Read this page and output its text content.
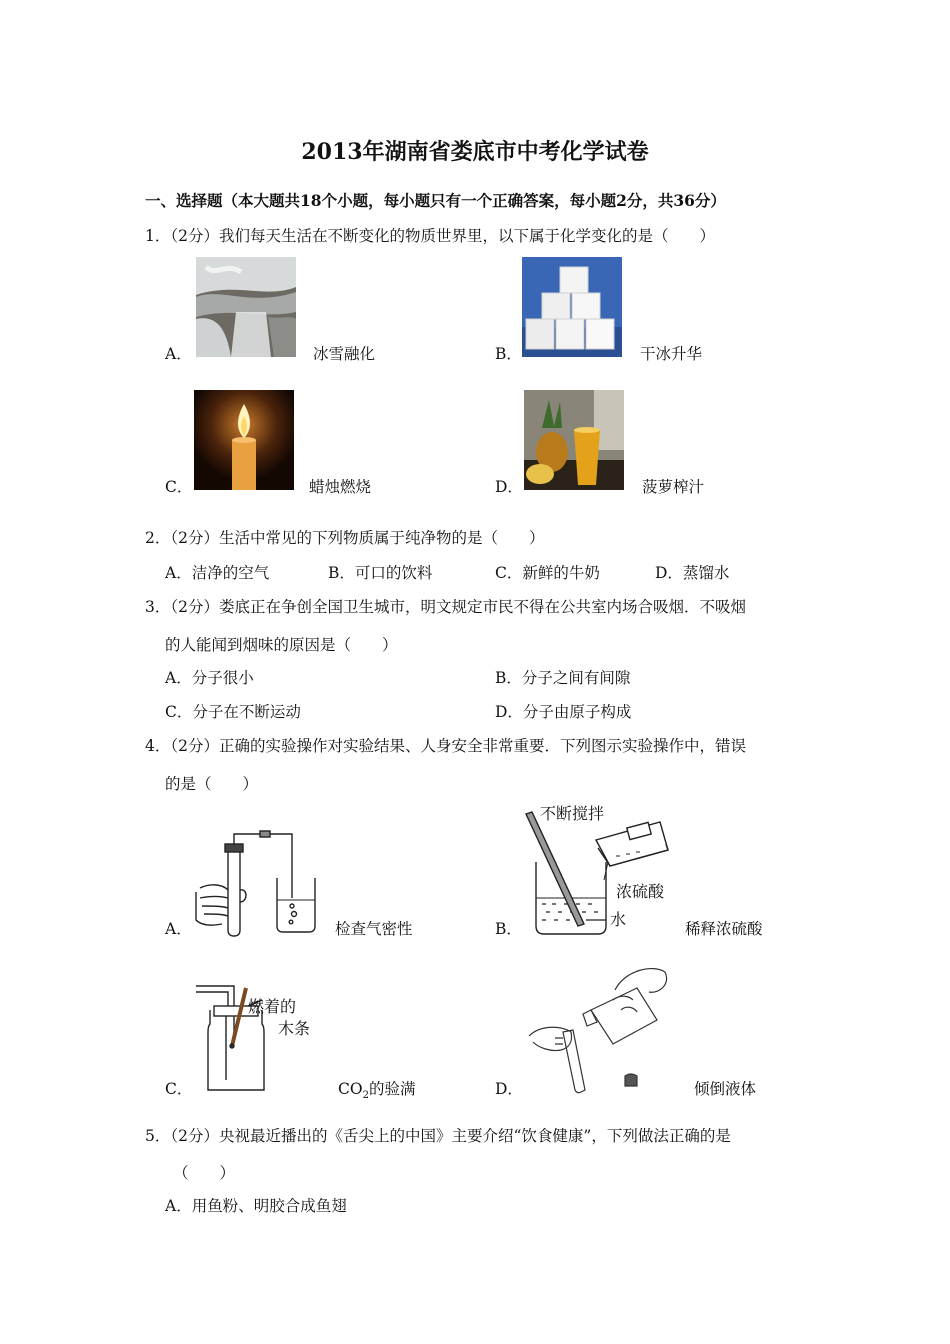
2013年湖南省娄底市中考化学试卷
一、选择题（本大题共18个小题，每小题只有一个正确答案，每小题2分，共36分）
1．（2分）我们每天生活在不断变化的物质世界里，以下属于化学变化的是（　　）
A．	冰雪融化	B．	干冰升华
C．	蜡烛燃烧	D．	菠萝榨汁
2．（2分）生活中常见的下列物质属于纯净物的是（　　）
A．洁净的空气	B．可口的饮料	C．新鲜的牛奶	D．蒸馏水
3．（2分）娄底正在争创全国卫生城市，明文规定市民不得在公共室内场合吸烟．不吸烟
的人能闻到烟味的原因是（　　）
A．分子很小	B．分子之间有间隙
C．分子在不断运动	D．分子由原子构成
4．（2分）正确的实验操作对实验结果、人身安全非常重要．下列图示实验操作中，错误
的是（　　）
A．	检查气密性
不断搅拌
浓硫酸
水
B．	稀释浓硫酸
燃着的
木条
C．	$CO_2$的验满	D．	倾倒液体
5．（2分）央视最近播出的《舌尖上的中国》主要介绍“饮食健康”，下列做法正确的是
（　　）
A．用鱼粉、明胶合成鱼翅
